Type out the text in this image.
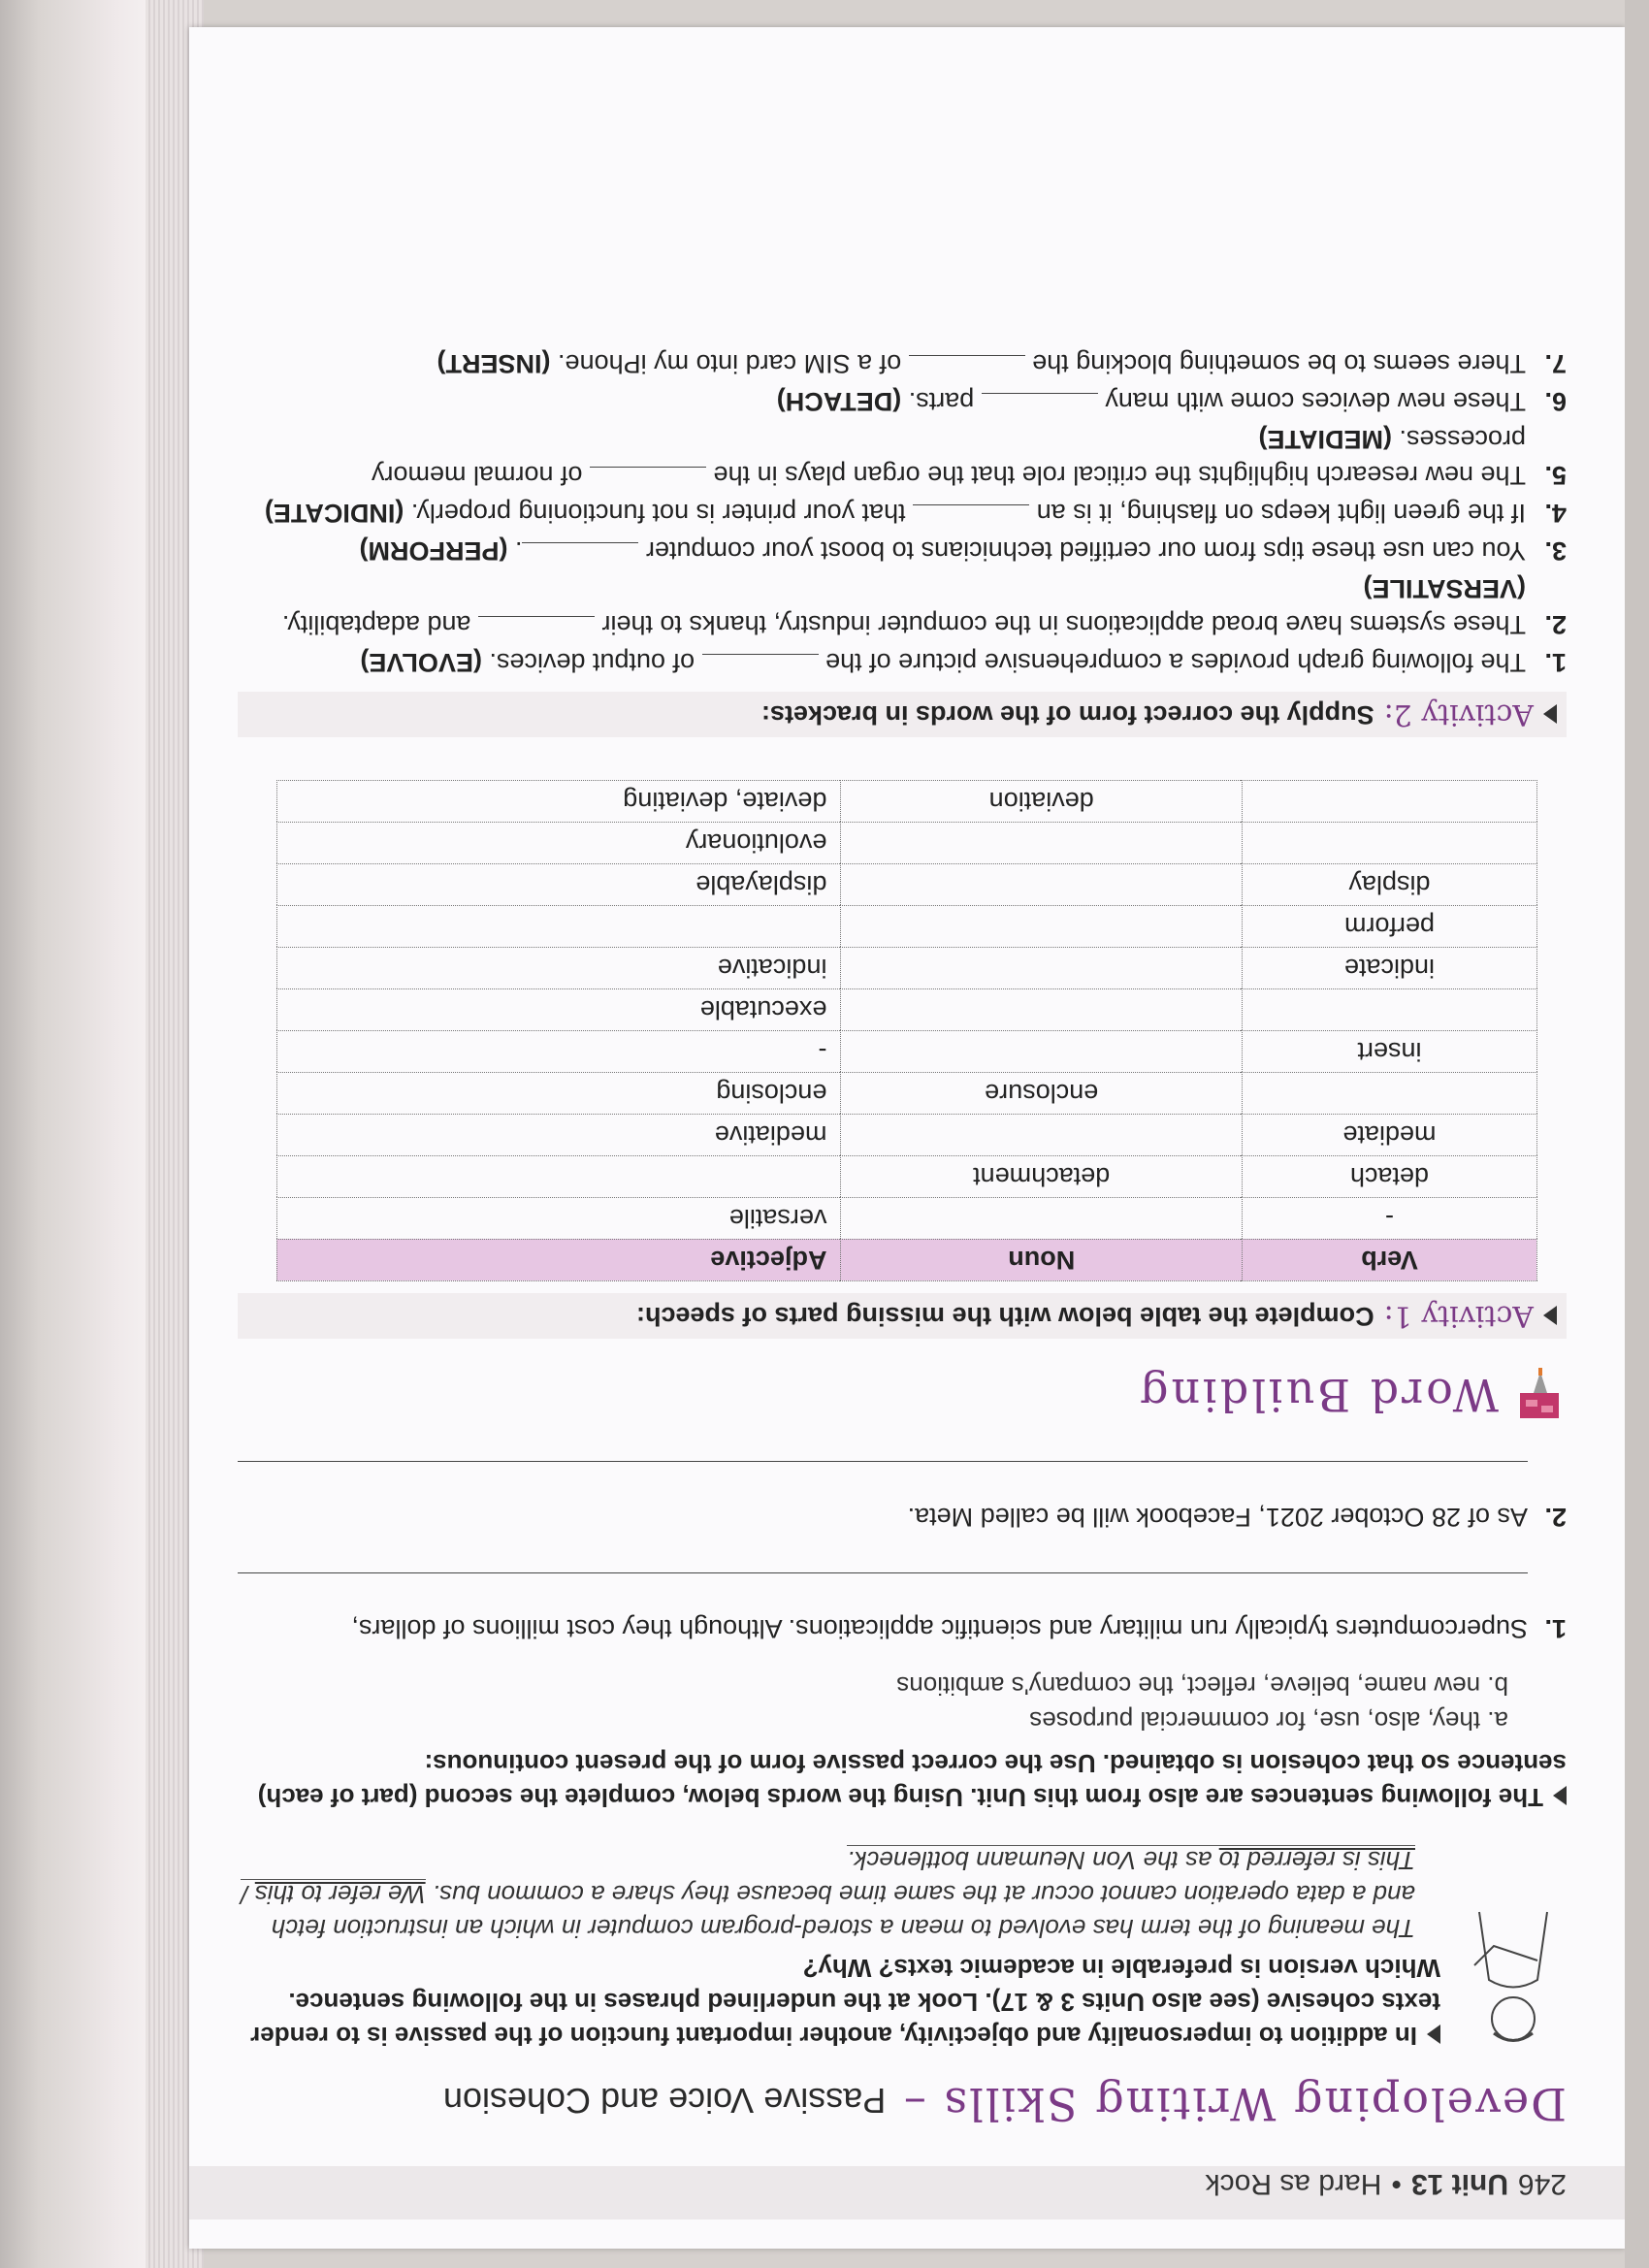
246
Unit 13
•
Hard as Rock
Developing Writing Skills – Passive Voice and Cohesion
In addition to impersonality and objectivity, another important function of the passive is to render texts cohesive (see also Units 3 & 17). Look at the underlined phrases in the following sentence. Which version is preferable in academic texts? Why?
The meaning of the term has evolved to mean a stored-program computer in which an instruction fetch and a data operation cannot occur at the same time because they share a common bus. We refer to this / This is referred to as the Von Neumann bottleneck.
The following sentences are also from this Unit. Using the words below, complete the second (part of each) sentence so that cohesion is obtained. Use the correct passive form of the present continuous:
a. they, also, use, for commercial purposes
b. new name, believe, reflect, the company's ambitions
1.
Supercomputers typically run military and scientific applications. Although they cost millions of dollars,
2.
As of 28 October 2021, Facebook will be called Meta.
Word Building
Activity 1:
Complete the table below with the missing parts of speech:
Verb	Noun	Adjective
-		versatile
detach	detachment	
mediate		mediative
	enclosure	enclosing
insert		-
		executable
indicate		indicative
perform		
display		displayable
		evolutionary
	deviation	deviate, deviating
Activity 2:
Supply the correct form of the words in brackets:
1.
The following graph provides a comprehensive picture of the  of output devices. (EVOLVE)
2.
These systems have broad applications in the computer industry, thanks to their  and adaptability. (VERSATILE)
3.
You can use these tips from our certified technicians to boost your computer . (PERFORM)
4.
If the green light keeps on flashing, it is an  that your printer is not functioning properly. (INDICATE)
5.
The new research highlights the critical role that the organ plays in the  of normal memory processes. (MEDIATE)
6.
These new devices come with many  parts. (DETACH)
7.
There seems to be something blocking the  of a SIM card into my iPhone. (INSERT)
